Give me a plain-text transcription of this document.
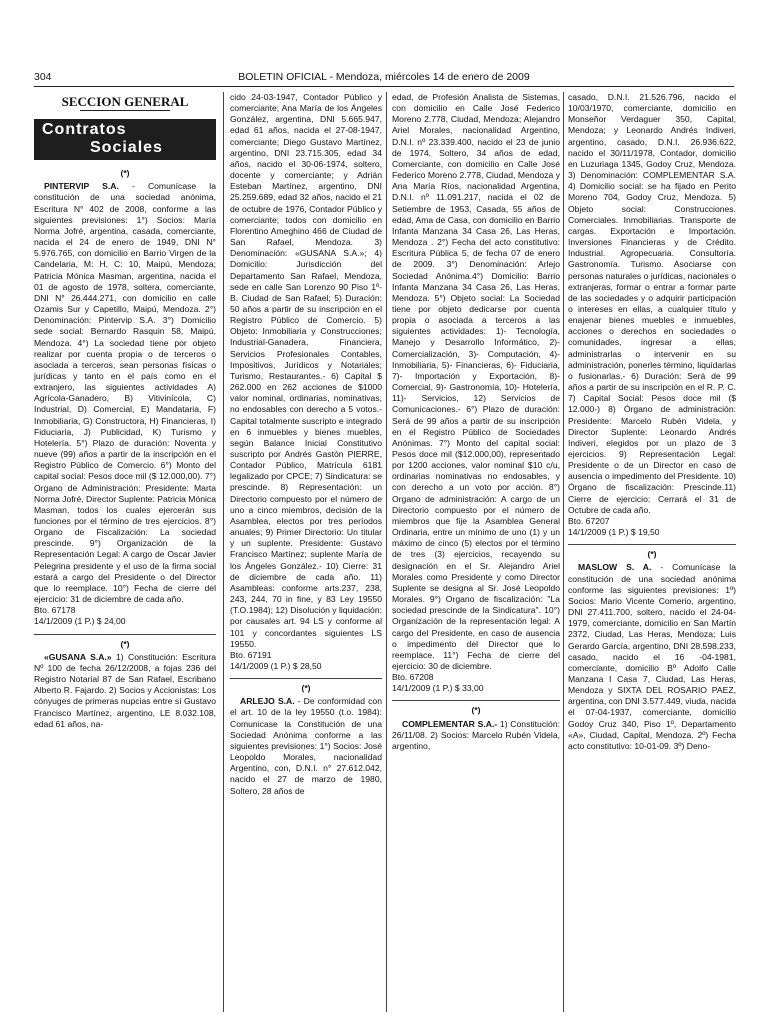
304	BOLETIN OFICIAL - Mendoza, miércoles 14 de enero de 2009
SECCION GENERAL
Contratos
Sociales
(*)

PINTERVIP S.A. - Comunícase la constitución de una sociedad anónima, Escritura N° 402 de 2008, conforme a las siguientes previsiones: 1°) Socios: María Norma Jofré, argentina, casada, comerciante, nacida el 24 de enero de 1949, DNI N° 5.976.765, con domicilio en Barrio Virgen de la Candelaria, M: H, C: 10, Maipú, Mendoza; Patricia Mónica Masman, argentina, nacida el 01 de agosto de 1978, soltera, comerciante, DNI N° 26.444.271, con domicilio en calle Ozamis Sur y Capetillo, Maipú, Mendoza. 2°) Denominación: Pintervip S.A. 3°) Domicilio sede social: Bernardo Rasquin 58, Maipú, Mendoza. 4°) La sociedad tiene por objeto realizar por cuenta propia o de terceros o asociada a terceros, sean personas físicas o jurídicas y tanto en el país como en el extranjero, las siguientes actividades A) Agrícola-Ganadero, B) Vitivinícola, C) Industrial, D) Comercial, E) Mandataria, F) Inmobiliaria, G) Constructora, H) Financieras, I) Fiduciaria, J) Publicidad, K) Turismo y Hotelería. 5°) Plazo de duración: Noventa y nueve (99) años a partir de la inscripción en el Registro Público de Comercio. 6°) Monto del capital social: Pesos doce mil ($ 12.000,00). 7°) Organo de Administración: Presidente: Marta Norma Jofré, Director Suplente: Patricia Mónica Masman, todos los cuales ejercerán sus funciones por el término de tres ejercicios. 8°) Organo de Fiscalización: La sociedad prescinde. 9°) Organización de la Representación Legal: A cargo de Oscar Javier Pelegrina presidente y el uso de la firma social estará a cargo del Presidente o del Director que lo reemplace. 10°) Fecha de cierre del ejercicio: 31 de diciembre de cada año.

Bto. 67178

14/1/2009 (1 P.) $ 24,00

(*)

«GUSANA S.A.» 1) Constitución: Escritura Nº 100 de fecha 26/12/2008, a fojas 236 del Registro Notarial 87 de San Rafael, Escribano Alberto R. Fajardo. 2) Socios y Accionistas: Los cónyuges de primeras nupcias entre sí Gustavo Francisco Martínez, argentino, LE 8.032.108, edad 61 años, na-

cido 24-03-1947, Contador Público y comerciante; Ana María de los Ángeles González, argentina, DNI 5.665.947, edad 61 años, nacida el 27-08-1947, comerciante; Diego Gustavo Martínez, argentino, DNI 23.715.305, edad 34 años, nacido el 30-06-1974, soltero, docente y comerciante; y Adrián Esteban Martínez, argentino, DNI 25.259.689, edad 32 años, nacido el 21 de octubre de 1976, Contador Público y comerciante; todos con domicilio en Florentino Ameghino 466 de Ciudad de San Rafael, Mendoza. 3) Denominación: «GUSANA S.A.»; 4) Domicilio: Jurisdicción del Departamento San Rafael, Mendoza, sede en calle San Lorenzo 90 Piso 1º-B. Ciudad de San Rafael; 5) Duración: 50 años a partir de su inscripción en el Registro Público de Comercio. 5) Objeto: Inmobiliaria y Construcciones; Industrial-Ganadera, Financiera, Servicios Profesionales Contables, Impositivos, Jurídicos y Notariales; Turismo, Restaurantes.- 6) Capital $ 262.000 en 262 acciones de $1000 valor nominal, ordinarias, nominativas, no endosables con derecho a 5 votos.- Capital totalmente suscripto e integrado en 6 inmuebles y bienes muebles, según Balance Inicial Constitutivo suscripto por Andrés Gastón PIERRE, Contador Público, Matrícula 6181 legalizado por CPCE; 7) Sindicatura: se prescinde. 8) Representación: un Directorio compuesto por el número de uno a cinco miembros, decisión de la Asamblea, electos por tres períodos anuales; 9) Primer Directorio: Un titular y un suplente. Presidente: Gustavo Francisco Martínez; suplente María de los Ángeles González.- 10) Cierre: 31 de diciembre de cada año. 11) Asambleas: conforme arts.237, 238, 243, 244, 70 in fine, y 83 Ley 19550 (T.O.1984); 12) Disolución y liquidación: por causales art. 94 LS y conforme al 101 y concordantes siguientes LS 19550.

Bto. 67191

14/1/2009 (1 P.) $ 28,50

(*)

ARLEJO S.A. - De conformidad con el art. 10 de la ley 19550 (t.o. 1984): Comunicase la Constitución de una Sociedad Anónima conforme a las siguientes previsiones: 1°) Socios: José Leopoldo Morales, nacionalidad Argentino, con, D.N.I. n° 27.612.042, nacido el 27 de marzo de 1980, Soltero, 28 años de

edad, de Profesión Analista de Sistemas, con domicilio en Calle José Federico Moreno 2.778, Ciudad, Mendoza; Alejandro Ariel Morales, nacionalidad Argentino, D.N.I. nº 23.339.400, nacido el 23 de junio de 1974, Soltero, 34 años de edad, Comerciante, con domicilio en Calle José Federico Moreno 2.778, Ciudad, Mendoza y Ana María Ríos, nacionalidad Argentina, D.N.I. nº 11.091.217, nacida el 02 de Setiembre de 1953, Casada, 55 años de edad, Ama de Casa, con domicilio en Barrio Infanta Manzana 34 Casa 26, Las Heras, Mendoza . 2°) Fecha del acto constitutivo: Escritura Pública 5, de fecha 07 de enero de 2009. 3°) Denominación: Arlejo Sociedad Anónima.4°) Domicilio: Barrio Infanta Manzana 34 Casa 26, Las Heras, Mendoza. 5°) Objeto social: La Sociedad tiene por objeto dedicarse por cuenta propia o asociada a terceros a las siguientes actividades: 1)- Tecnología, Manejo y Desarrollo Informático, 2)- Comercialización, 3)- Computación, 4)- Inmobiliaria, 5)- Financieras, 6)- Fiduciaria, 7)- Importación y Exportación, 8)- Comercial, 9)- Gastronomía, 10)- Hotelería, 11)- Servicios, 12) Servicios de Comunicaciones.- 6°) Plazo de duración: Será de 99 años a partir de su inscripción en el Registro Público de Sociedades Anónimas. 7°) Monto del capital social: Pesos doce mil ($12.000,00), representado por 1200 acciones, valor nominal $10 c/u, ordinarias nominativas no endosables, y con derecho a un voto por acción. 8°) Organo de administración: A cargo de un Directorio compuesto por el número de miembros que fije la Asamblea General Ordinaria, entre un mínimo de uno (1) y un máximo de cinco (5) electos por el término de tres (3) ejercicios, recayendo su designación en el Sr. Alejandro Ariel Morales como Presidente y como Director Suplente se designa al Sr. José Leopoldo Morales. 9°) Organo de fiscalización: "La sociedad prescinde de la Sindicatura". 10°) Organización de la representación legal: A cargo del Presidente, en caso de ausencia o impedimento del Director que lo reemplace. 11°) Fecha de cierre del ejercicio: 30 de diciembre.

Bto. 67208

14/1/2009 (1 P.) $ 33,00

(*)

COMPLEMENTAR S.A.- 1) Constitución: 26/11/08. 2) Socios: Marcelo Rubén Videla, argentino,

casado, D.N.I. 21.526.796, nacido el 10/03/1970, comerciante, domicilio en Monseñor Verdaguer 350, Capital, Mendoza; y Leonardo Andrés Indiveri, argentino, casado, D.N.I. 26.936.622, nacido el 30/11/1978, Contador, domicilio en Luzuriaga 1345, Godoy Cruz, Mendoza. 3) Denominación: COMPLEMENTAR S.A. 4) Domicilio social: se ha fijado en Perito Moreno 704, Godoy Cruz, Mendoza. 5) Objeto social: Construcciones. Comerciales. Inmobiliarias. Transporte de cargas. Exportación e Importación. Inversiones Financieras y de Crédito. Industrial. Agropecuaria. Consultoría. Gastronomía. Turismo. Asociarse con personas naturales o jurídicas, nacionales o extranjeras, formar o entrar a formar parte de las sociedades y o adquirir participación o intereses en ellas, a cualquier título y enajenar bienes muebles e inmuebles, acciones o derechos en sociedades o comunidades, ingresar a ellas, administrarlas o intervenir en su administración, ponerles término, liquidarlas o fusionarlas.- 6) Duración: Será de 99 años a partir de su inscripción en el R. P. C. 7) Capital Social: Pesos doce mil ($ 12.000-) 8) Órgano de administración: Presidente: Marcelo Rubén Videla, y Director Suplente: Leonardo Andrés Indiveri, elegidos por un plazo de 3 ejercicios. 9) Representación Legal: Presidente o de un Director en caso de ausencia o impedimento del Presidente. 10) Órgano de fiscalización: Prescinde.11) Cierre de ejercicio: Cerrará el 31 de Octubre de cada año.

Bto. 67207

14/1/2009 (1 P.) $ 19,50

(*)

MASLOW S. A. - Comunícase la constitución de una sociedad anónima conforme las siguientes previsiones: 1º) Socios: Mario Vicente Comerio, argentino, DNI 27.411.700, soltero, nacido el 24-04-1979, comerciante, domicilio en San Martín 2372, Ciudad, Las Heras, Mendoza; Luis Gerardo García, argentino, DNI 28.598.233, casado, nacido el 16 -04-1981, comerciante, domicilio Bº Adolfo Calle Manzana I Casa 7, Ciudad, Las Heras, Mendoza y SIXTA DEL ROSARIO PAEZ, argentina, con DNI 3.577.449, viuda, nacida el 07-04-1937, comerciante, domicilio Godoy Cruz 340, Piso 1º, Departamento «A», Ciudad, Capital, Mendoza. 2º) Fecha acto constitutivo: 10-01-09. 3º) Deno-
